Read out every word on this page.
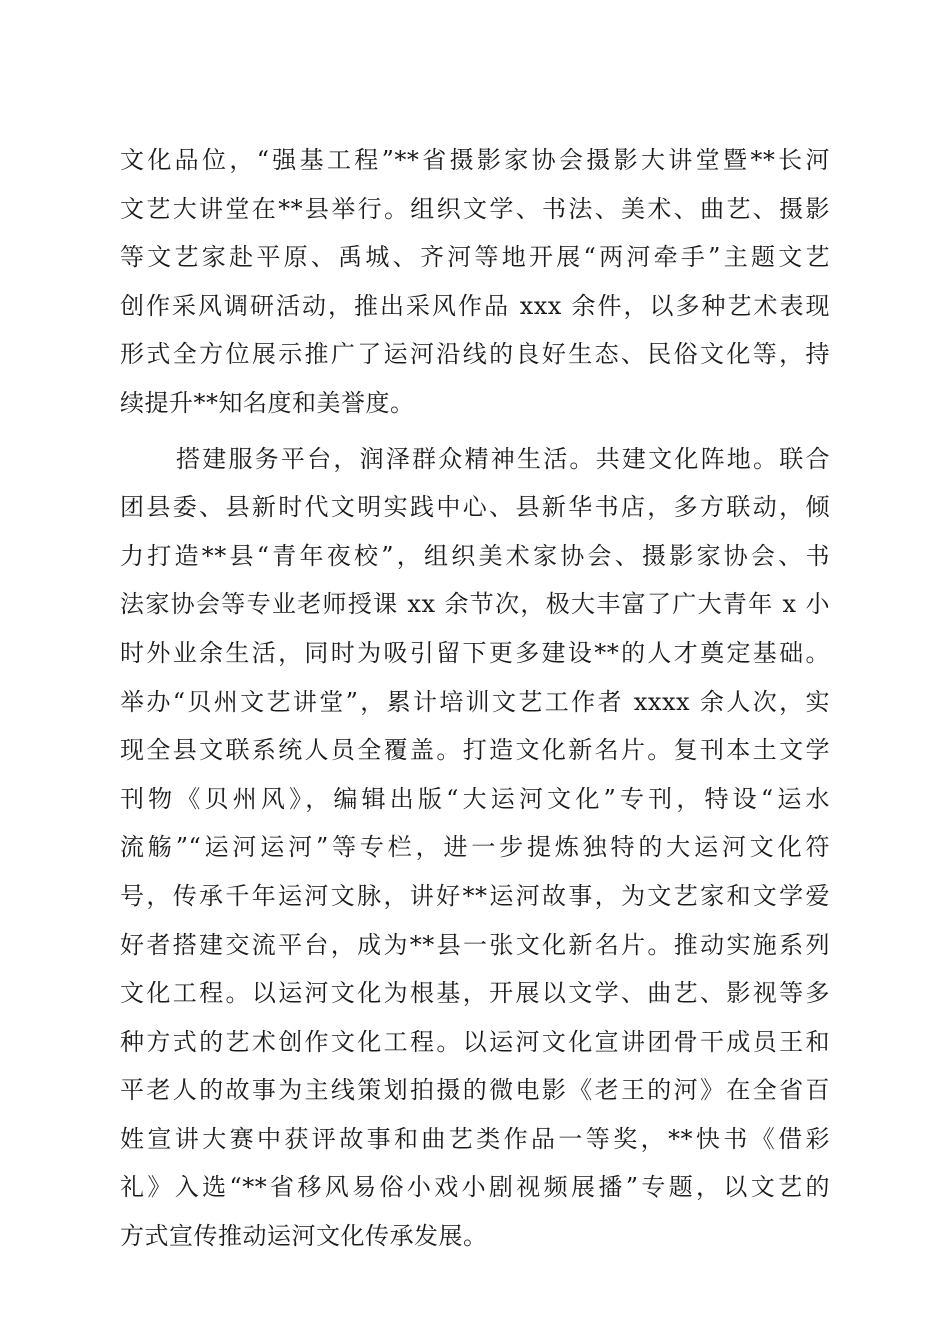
文化品位，“强基工程”**省摄影家协会摄影大讲堂暨**长河
文艺大讲堂在**县举行。组织文学、书法、美术、曲艺、摄影
等文艺家赴平原、禹城、齐河等地开展“两河牵手”主题文艺
创作采风调研活动，推出采风作品 xxx 余件，以多种艺术表现
形式全方位展示推广了运河沿线的良好生态、民俗文化等，持
续提升**知名度和美誉度。
搭建服务平台，润泽群众精神生活。共建文化阵地。联合
团县委、县新时代文明实践中心、县新华书店，多方联动，倾
力打造**县“青年夜校”，组织美术家协会、摄影家协会、书
法家协会等专业老师授课 xx 余节次，极大丰富了广大青年 x 小
时外业余生活，同时为吸引留下更多建设**的人才奠定基础。
举办“贝州文艺讲堂”，累计培训文艺工作者 xxxx 余人次，实
现全县文联系统人员全覆盖。打造文化新名片。复刊本土文学
刊物《贝州风》，编辑出版“大运河文化”专刊，特设“运水
流觞”“运河运河”等专栏，进一步提炼独特的大运河文化符
号，传承千年运河文脉，讲好**运河故事，为文艺家和文学爱
好者搭建交流平台，成为**县一张文化新名片。推动实施系列
文化工程。以运河文化为根基，开展以文学、曲艺、影视等多
种方式的艺术创作文化工程。以运河文化宣讲团骨干成员王和
平老人的故事为主线策划拍摄的微电影《老王的河》在全省百
姓宣讲大赛中获评故事和曲艺类作品一等奖，**快书《借彩
礼》入选“**省移风易俗小戏小剧视频展播”专题，以文艺的
方式宣传推动运河文化传承发展。
